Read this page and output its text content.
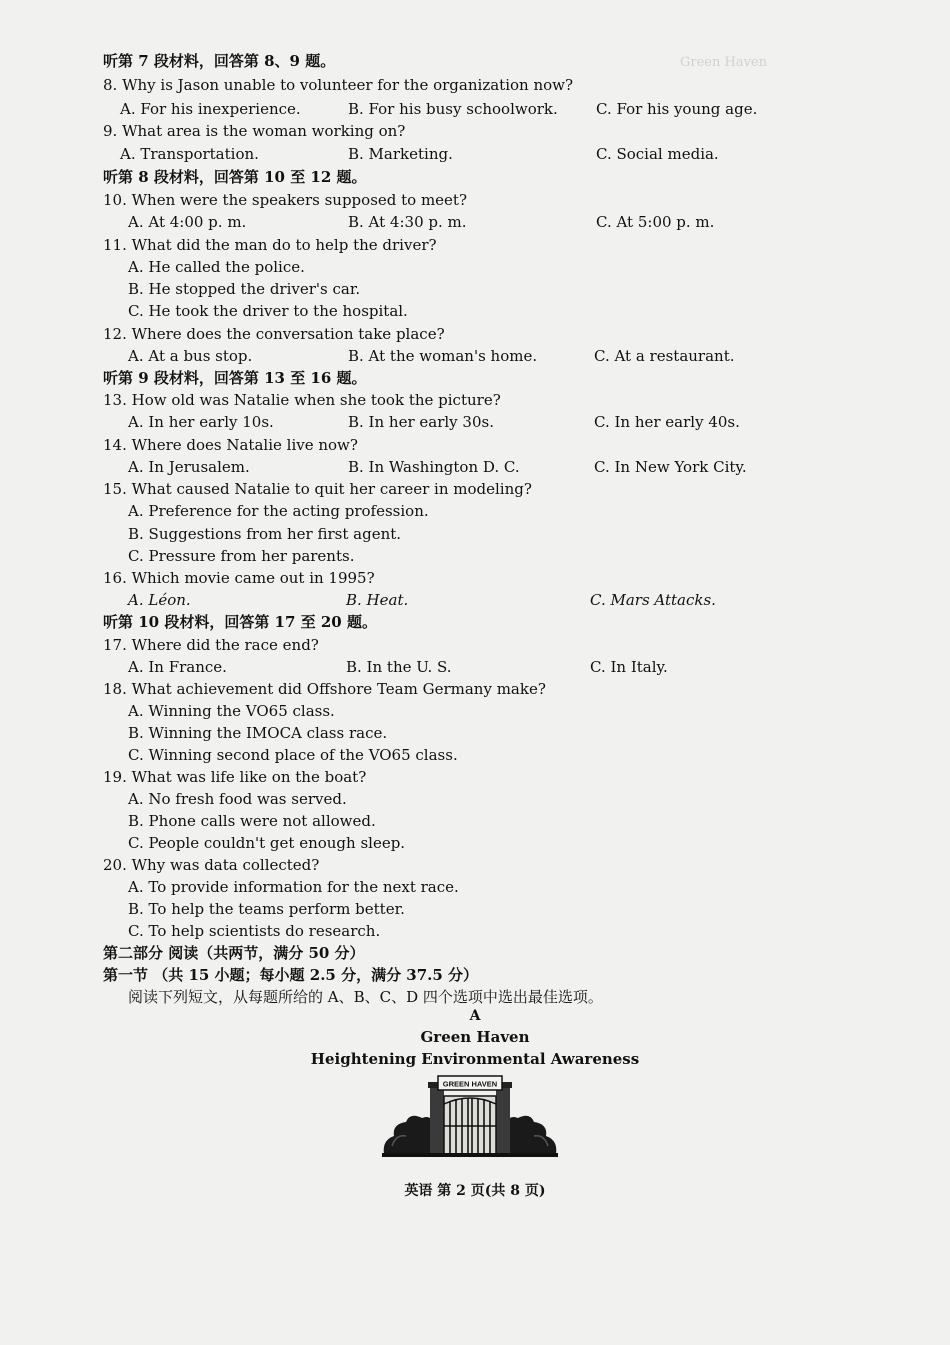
Green Haven
听第 7 段材料，回答第 8、9 题。
8. Why is Jason unable to volunteer for the organization now?
A. For his inexperience.	B. For his busy schoolwork.	C. For his young age.
9. What area is the woman working on?
A. Transportation.	B. Marketing.	C. Social media.
听第 8 段材料，回答第 10 至 12 题。
10. When were the speakers supposed to meet?
A. At 4:00 p. m.	B. At 4:30 p. m.	C. At 5:00 p. m.
11. What did the man do to help the driver?
A. He called the police.
B. He stopped the driver's car.
C. He took the driver to the hospital.
12. Where does the conversation take place?
A. At a bus stop.	B. At the woman's home.	C. At a restaurant.
听第 9 段材料，回答第 13 至 16 题。
13. How old was Natalie when she took the picture?
A. In her early 10s.	B. In her early 30s.	C. In her early 40s.
14. Where does Natalie live now?
A. In Jerusalem.	B. In Washington D. C.	C. In New York City.
15. What caused Natalie to quit her career in modeling?
A. Preference for the acting profession.
B. Suggestions from her first agent.
C. Pressure from her parents.
16. Which movie came out in 1995?
A. Léon.	B. Heat.	C. Mars Attacks.
听第 10 段材料，回答第 17 至 20 题。
17. Where did the race end?
A. In France.	B. In the U. S.	C. In Italy.
18. What achievement did Offshore Team Germany make?
A. Winning the VO65 class.
B. Winning the IMOCA class race.
C. Winning second place of the VO65 class.
19. What was life like on the boat?
A. No fresh food was served.
B. Phone calls were not allowed.
C. People couldn't get enough sleep.
20. Why was data collected?
A. To provide information for the next race.
B. To help the teams perform better.
C. To help scientists do research.
第二部分 阅读（共两节，满分 50 分）
第一节 （共 15 小题；每小题 2.5 分，满分 37.5 分）
阅读下列短文，从每题所给的 A、B、C、D 四个选项中选出最佳选项。
A
Green Haven
Heightening Environmental Awareness
GREEN HAVEN
英语 第 2 页(共 8 页)
